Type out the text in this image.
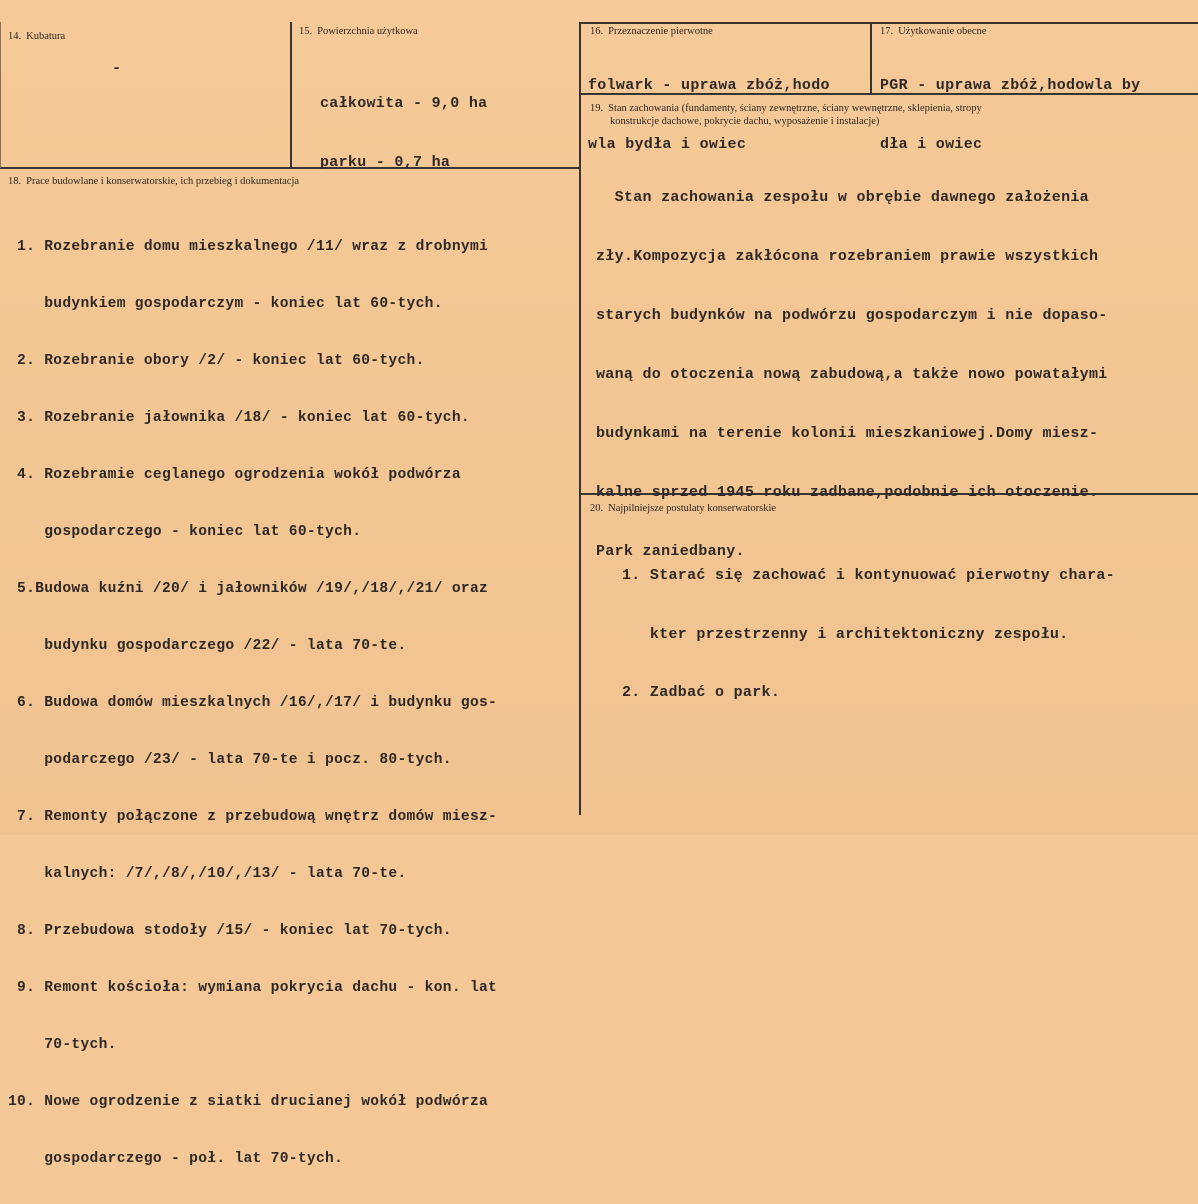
14. Kubatura
-
15. Powierzchnia użytkowa

całkowita - 9,0 ha

parku - 0,7 ha

16. Przeznaczenie pierwotne

folwark - uprawa zbóż,hodo

wla bydła i owiec

17. Użytkowanie obecne

PGR - uprawa zbóż,hodowla by

dła i owiec

19. Stan zachowania (fundamenty, ściany zewnętrzne, ściany wewnętrzne, sklepienia, stropy
konstrukcje dachowe, pokrycie dachu, wyposażenie i instalacje)

Stan zachowania zespołu w obrębie dawnego założenia

zły.Kompozycja zakłócona rozebraniem prawie wszystkich

starych budynków na podwórzu gospodarczym i nie dopaso-

waną do otoczenia nową zabudową,a także nowo powatałymi

budynkami na terenie kolonii mieszkaniowej.Domy miesz-

kalne sprzed 1945 roku zadbane,podobnie ich otoczenie.

Park zaniedbany.

18. Prace budowlane i konserwatorskie, ich przebieg i dokumentacja

1. Rozebranie domu mieszkalnego /11/ wraz z drobnymi

budynkiem gospodarczym - koniec lat 60-tych.

2. Rozebranie obory /2/ - koniec lat 60-tych.

3. Rozebranie jałownika /18/ - koniec lat 60-tych.

4. Rozebramie ceglanego ogrodzenia wokół podwórza

gospodarczego - koniec lat 60-tych.

5.Budowa kuźni /20/ i jałowników /19/,/18/,/21/ oraz

budynku gospodarczego /22/ - lata 70-te.

6. Budowa domów mieszkalnych /16/,/17/ i budynku gos-

podarczego /23/ - lata 70-te i pocz. 80-tych.

7. Remonty połączone z przebudową wnętrz domów miesz-

kalnych: /7/,/8/,/10/,/13/ - lata 70-te.

8. Przebudowa stodoły /15/ - koniec lat 70-tych.

9. Remont kościoła: wymiana pokrycia dachu - kon. lat

70-tych.

10. Nowe ogrodzenie z siatki drucianej wokół podwórza

gospodarczego - poł. lat 70-tych.

20. Najpilniejsze postulaty konserwatorskie

1. Starać się zachować i kontynuować pierwotny chara-

kter przestrzenny i architektoniczny zespołu.

2. Zadbać o park.
